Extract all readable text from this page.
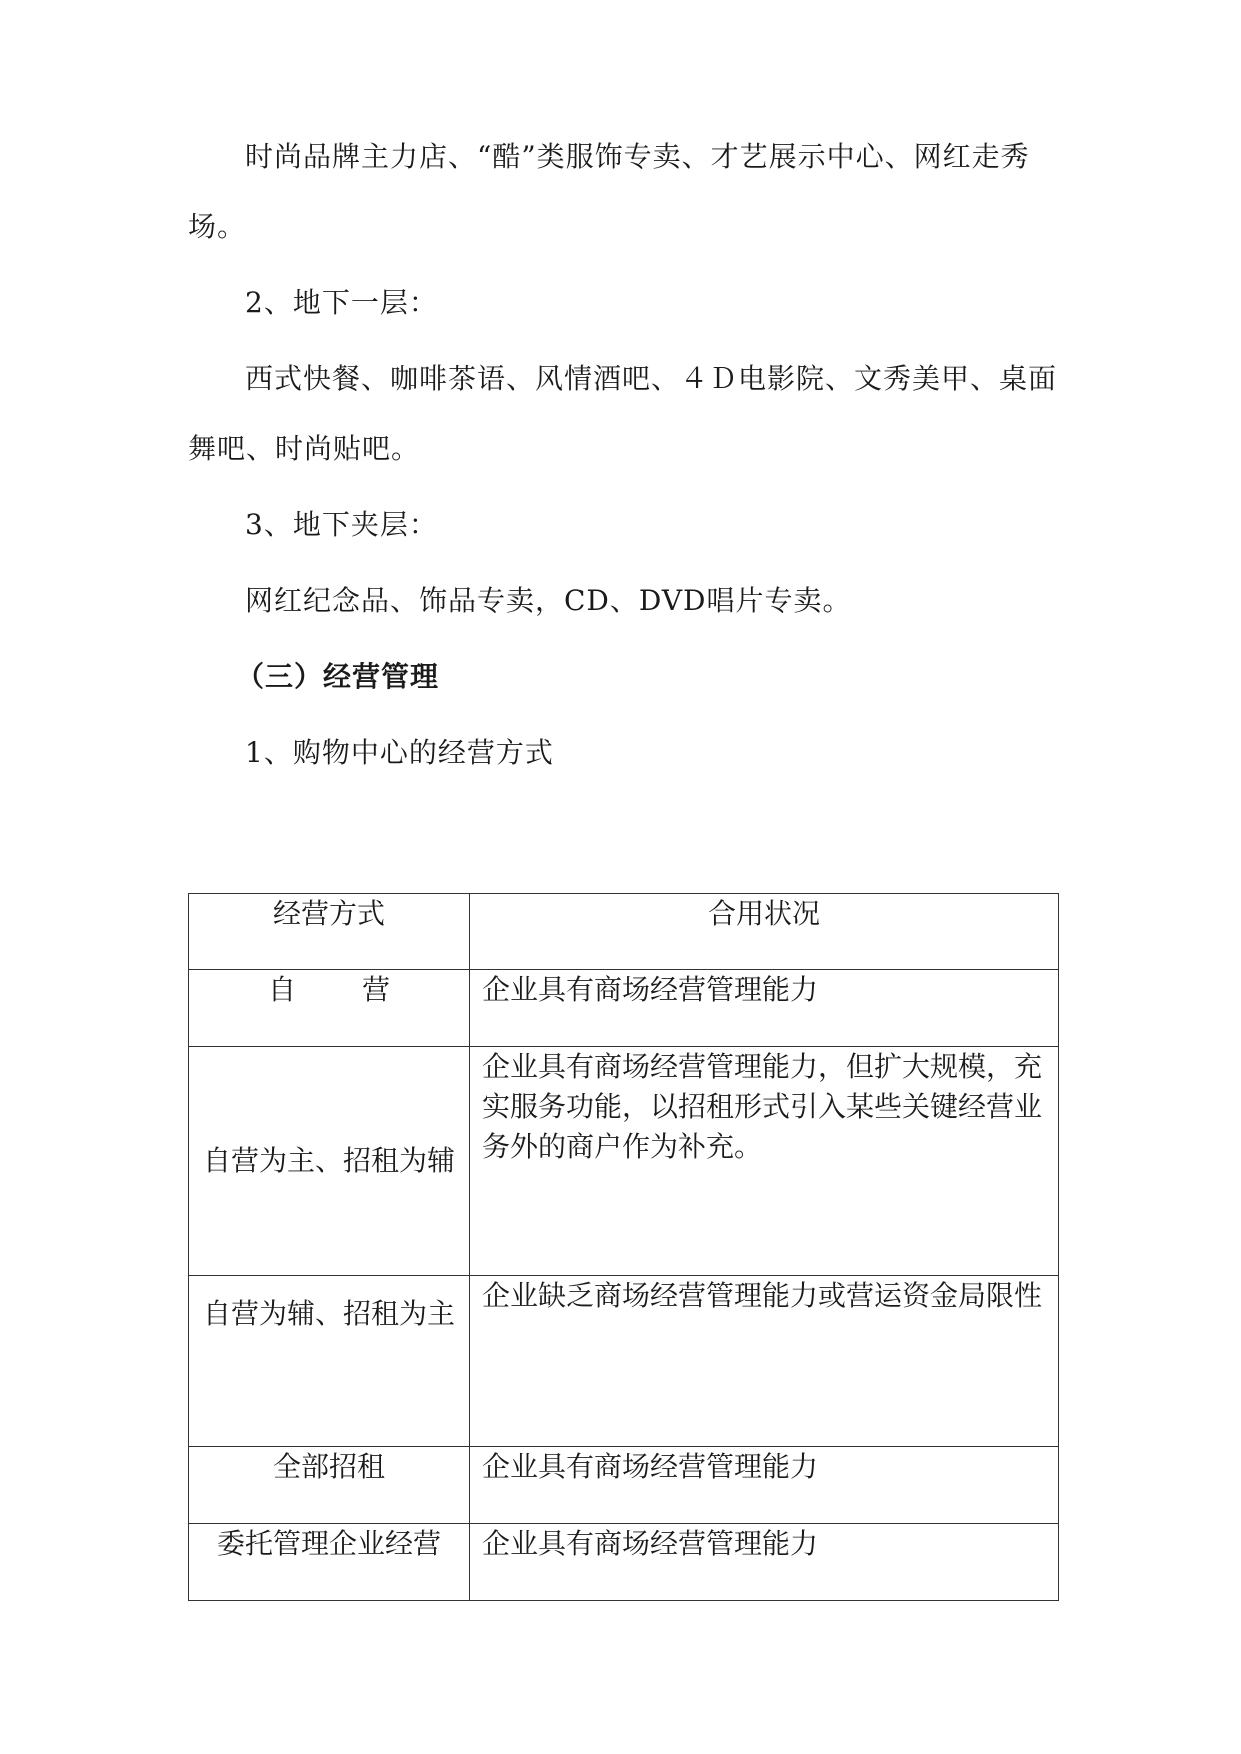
时尚品牌主力店、“酷”类服饰专卖、才艺展示中心、网红走秀
场。
2、地下一层：
西式快餐、咖啡茶语、风情酒吧、４Ｄ电影院、文秀美甲、桌面
舞吧、时尚贴吧。
3、地下夹层：
网红纪念品、饰品专卖，CD、DVD唱片专卖。
（三）经营管理
1、购物中心的经营方式
经营方式	合用状况
自营	企业具有商场经营管理能力
自营为主、招租为辅	企业具有商场经营管理能力，但扩大规模，充实服务功能，以招租形式引入某些关键经营业务外的商户作为补充。
自营为辅、招租为主	企业缺乏商场经营管理能力或营运资金局限性
全部招租	企业具有商场经营管理能力
委托管理企业经营	企业具有商场经营管理能力
